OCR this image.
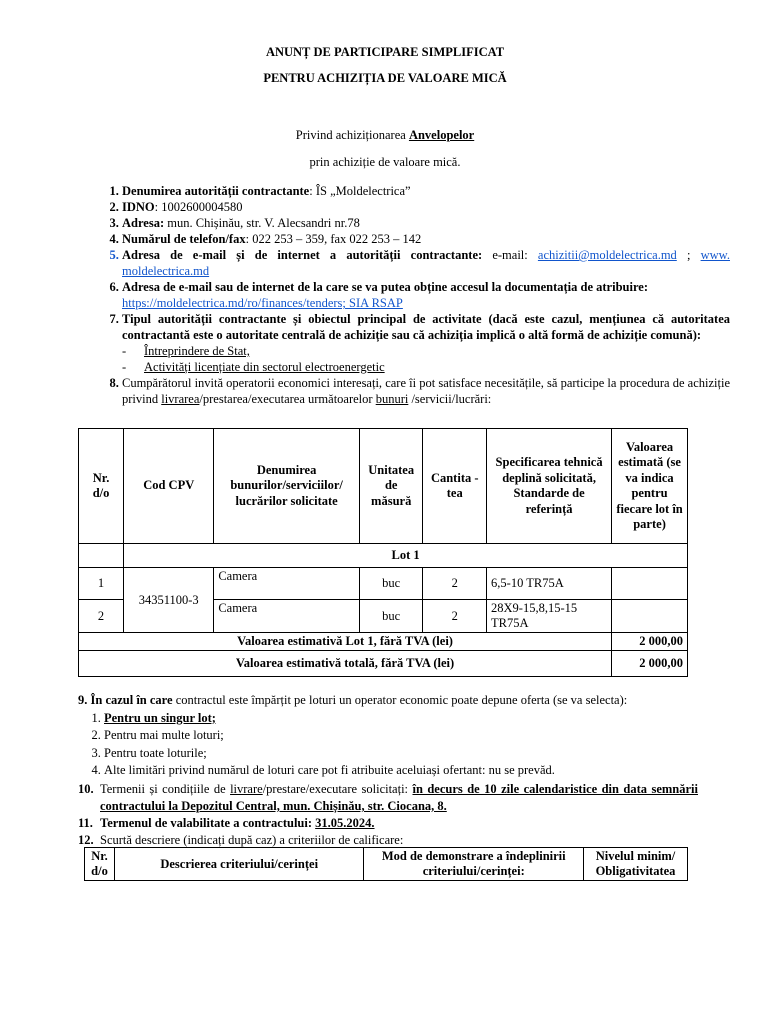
ANUNȚ DE PARTICIPARE SIMPLIFICAT
PENTRU ACHIZIȚIA DE VALOARE MICĂ
Privind achiziționarea Anvelopelor
prin achiziție de valoare mică.
1. Denumirea autorității contractante: ÎS „Moldelectrica”
2. IDNO: 1002600004580
3. Adresa: mun. Chișinău, str. V. Alecsandri nr.78
4. Numărul de telefon/fax: 022 253 – 359, fax 022 253 – 142
5. Adresa de e-mail și de internet a autorității contractante: e-mail: achizitii@moldelectrica.md ; www. moldelectrica.md
6. Adresa de e-mail sau de internet de la care se va putea obține accesul la documentația de atribuire:
https://moldelectrica.md/ro/finances/tenders; SIA RSAP
7. Tipul autorității contractante și obiectul principal de activitate (dacă este cazul, mențiunea că autoritatea contractantă este o autoritate centrală de achiziție sau că achiziția implică o altă formă de achiziție comună):
- Întreprindere de Stat,
- Activități licențiate din sectorul electroenergetic
8. Cumpărătorul invită operatorii economici interesați, care îi pot satisface necesitățile, să participe la procedura de achiziție privind livrarea/prestarea/executarea următoarelor bunuri /servicii/lucrări:
Nr. d/o	Cod CPV	Denumirea bunurilor/serviciilor/ lucrărilor solicitate	Unitatea de măsură	Cantita -tea	Specificarea tehnică deplină solicitată, Standarde de referință	Valoarea estimată (se va indica pentru fiecare lot în parte)
	Lot 1					
1	34351100-3	Camera	buc	2	6,5-10 TR75A	
2		Camera	buc	2	28X9-15,8,15-15 TR75A	
Valoarea estimativă Lot 1, fără TVA (lei)						2 000,00
Valoarea estimativă totală, fără TVA (lei)						2 000,00
9. În cazul în care contractul este împărțit pe loturi un operator economic poate depune oferta (se va selecta):
1. Pentru un singur lot;
2. Pentru mai multe loturi;
3. Pentru toate loturile;
4. Alte limitări privind numărul de loturi care pot fi atribuite aceluiași ofertant: nu se prevăd.
10. Termenii și condițiile de livrare/prestare/executare solicitați: în decurs de 10 zile calendaristice din data semnării contractului la Depozitul Central, mun. Chișinău, str. Ciocana, 8.
11. Termenul de valabilitate a contractului: 31.05.2024.
12. Scurtă descriere (indicați după caz) a criteriilor de calificare:
Nr. d/o	Descrierea criteriului/cerinței	Mod de demonstrare a îndeplinirii criteriului/cerinței:	Nivelul minim/ Obligativitatea
